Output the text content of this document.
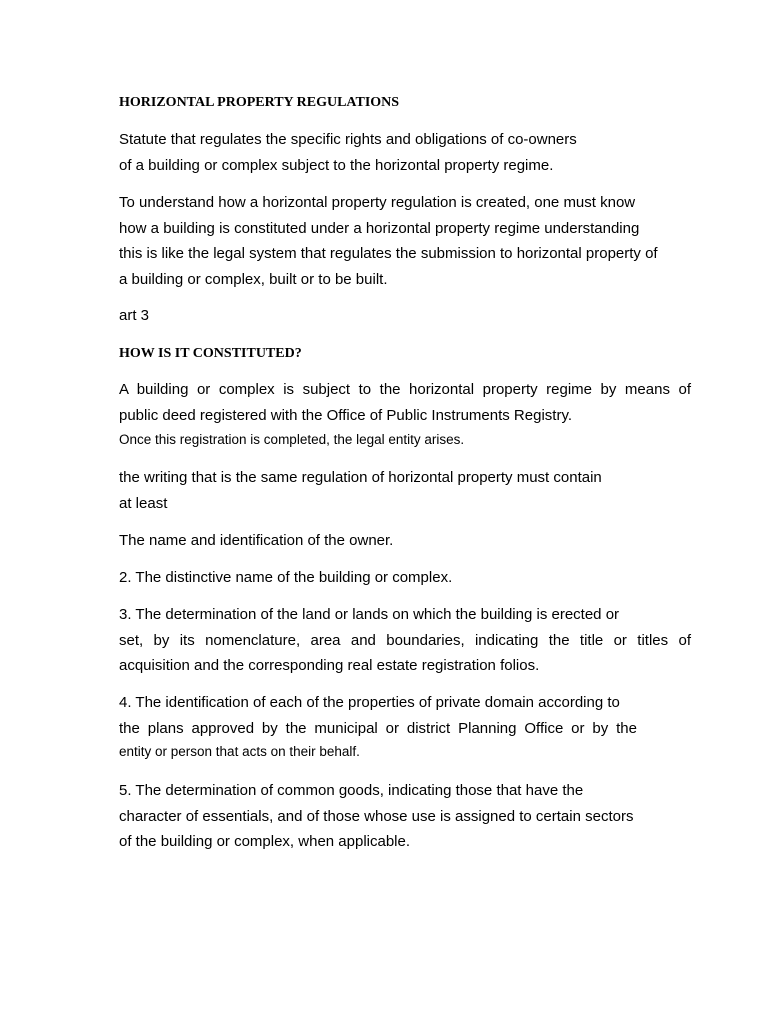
HORIZONTAL PROPERTY REGULATIONS
Statute that regulates the specific rights and obligations of co-owners
of a building or complex subject to the horizontal property regime.
To understand how a horizontal property regulation is created, one must know
how a building is constituted under a horizontal property regime understanding
this is like the legal system that regulates the submission to horizontal property of
a building or complex, built or to be built.
art 3
HOW IS IT CONSTITUTED?
A building or complex is subject to the horizontal property regime by means of
public deed registered with the Office of Public Instruments Registry.
Once this registration is completed, the legal entity arises.
the writing that is the same regulation of horizontal property must contain
at least
The name and identification of the owner.
2. The distinctive name of the building or complex.
3. The determination of the land or lands on which the building is erected or
set, by its nomenclature, area and boundaries, indicating the title or titles of
acquisition and the corresponding real estate registration folios.
4. The identification of each of the properties of private domain according to
the plans approved by the municipal or district Planning Office or by the
entity or person that acts on their behalf.
5. The determination of common goods, indicating those that have the
character of essentials, and of those whose use is assigned to certain sectors
of the building or complex, when applicable.
